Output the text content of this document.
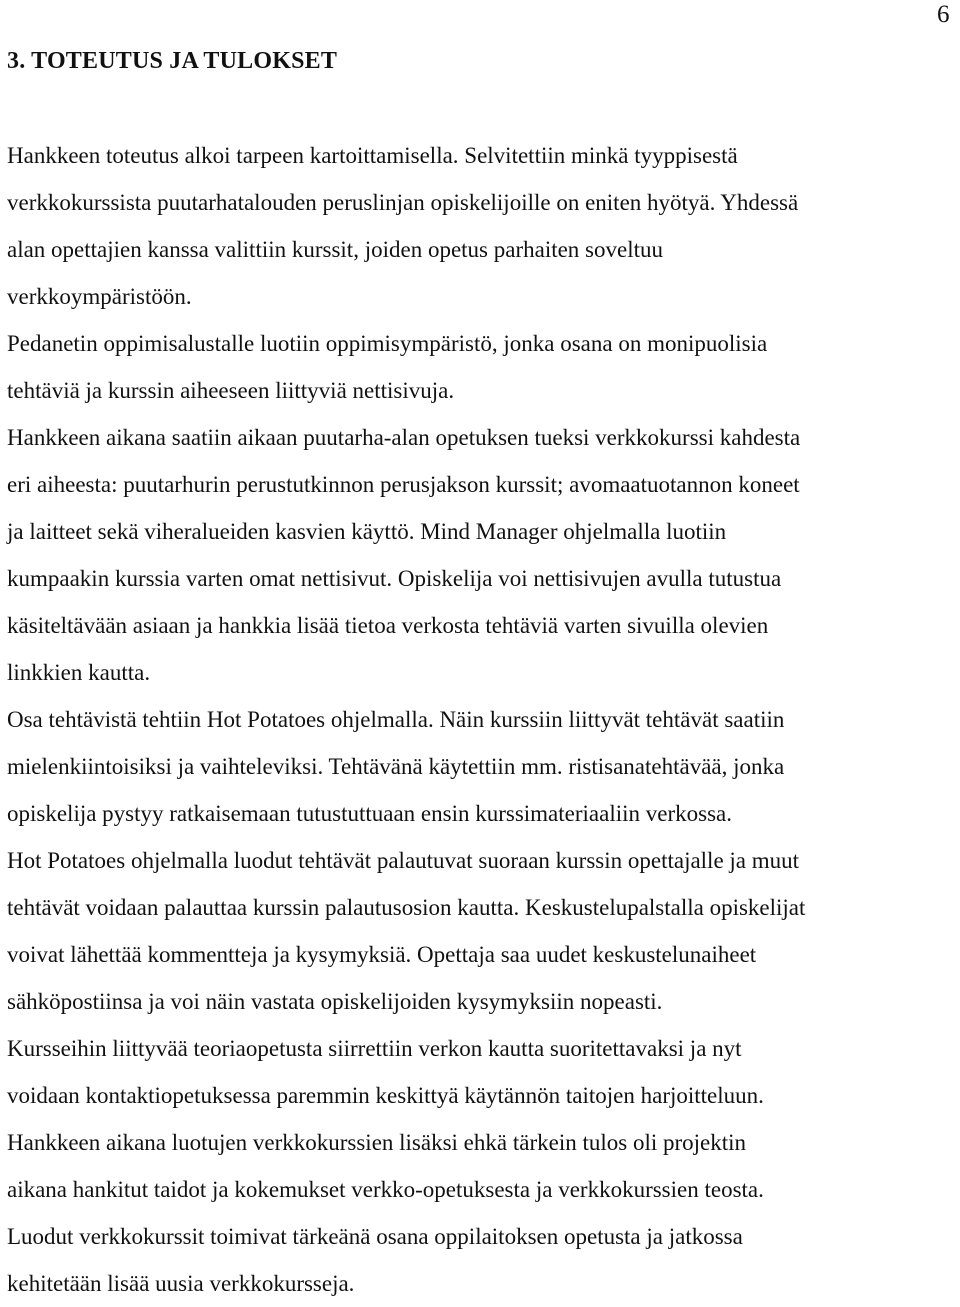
6
3. TOTEUTUS JA TULOKSET

Hankkeen toteutus alkoi tarpeen kartoittamisella. Selvitettiin minkä tyyppisestä
verkkokurssista puutarhatalouden peruslinjan opiskelijoille on eniten hyötyä. Yhdessä
alan opettajien kanssa valittiin kurssit, joiden opetus parhaiten soveltuu
verkkoympäristöön.

Pedanetin oppimisalustalle luotiin oppimisympäristö, jonka osana on monipuolisia
tehtäviä ja kurssin aiheeseen liittyviä nettisivuja.

Hankkeen aikana saatiin aikaan puutarha-alan opetuksen tueksi verkkokurssi kahdesta
eri aiheesta: puutarhurin perustutkinnon perusjakson kurssit; avomaatuotannon koneet
ja laitteet sekä viheralueiden kasvien käyttö. Mind Manager ohjelmalla luotiin
kumpaakin kurssia varten omat nettisivut. Opiskelija voi nettisivujen avulla tutustua
käsiteltävään asiaan ja hankkia lisää tietoa verkosta tehtäviä varten sivuilla olevien
linkkien kautta.

Osa tehtävistä tehtiin Hot Potatoes ohjelmalla. Näin kurssiin liittyvät tehtävät saatiin
mielenkiintoisiksi ja vaihteleviksi. Tehtävänä käytettiin mm. ristisanatehtävää, jonka
opiskelija pystyy ratkaisemaan tutustuttuaan ensin kurssimateriaaliin verkossa.

Hot Potatoes ohjelmalla luodut tehtävät palautuvat suoraan kurssin opettajalle ja muut
tehtävät voidaan palauttaa kurssin palautusosion kautta. Keskustelupalstalla opiskelijat
voivat lähettää kommentteja ja kysymyksiä. Opettaja saa uudet keskustelunaiheet
sähköpostiinsa ja voi näin vastata opiskelijoiden kysymyksiin nopeasti.

Kursseihin liittyvää teoriaopetusta siirrettiin verkon kautta suoritettavaksi ja nyt
voidaan kontaktiopetuksessa paremmin keskittyä käytännön taitojen harjoitteluun.

Hankkeen aikana luotujen verkkokurssien lisäksi ehkä tärkein tulos oli projektin
aikana hankitut taidot ja kokemukset verkko-opetuksesta ja verkkokurssien teosta.
Luodut verkkokurssit toimivat tärkeänä osana oppilaitoksen opetusta ja jatkossa
kehitetään lisää uusia verkkokursseja.
